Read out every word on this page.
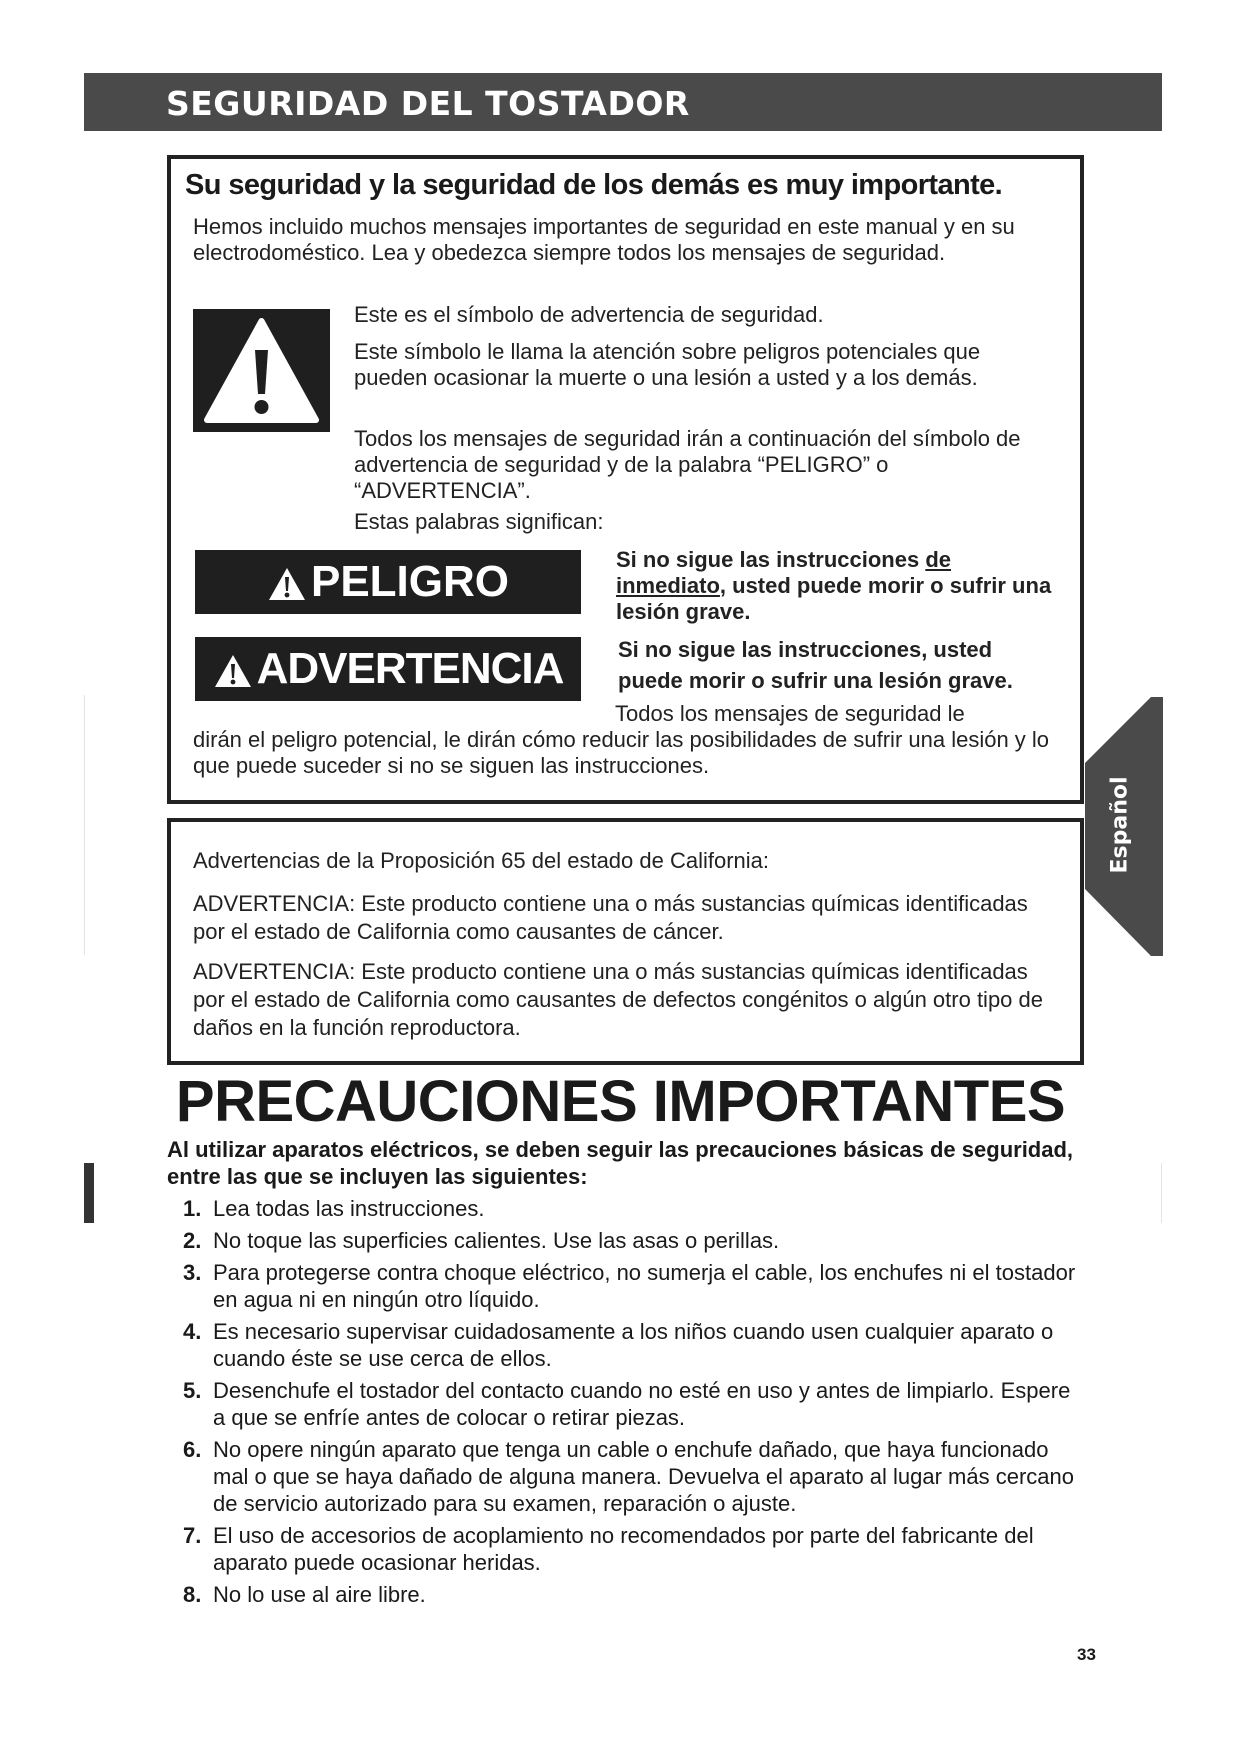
SEGURIDAD DEL TOSTADOR
Su seguridad y la seguridad de los demás es muy importante.

Hemos incluido muchos mensajes importantes de seguridad en este manual y en su electrodoméstico. Lea y obedezca siempre todos los mensajes de seguridad.

Este es el símbolo de advertencia de seguridad.

Este símbolo le llama la atención sobre peligros potenciales que pueden ocasionar la muerte o una lesión a usted y a los demás.

Todos los mensajes de seguridad irán a continuación del símbolo de advertencia de seguridad y de la palabra “PELIGRO” o “ADVERTENCIA”.

Estas palabras significan:

PELIGRO	Si no sigue las instrucciones de inmediato, usted puede morir o sufrir una lesión grave.

ADVERTENCIA	Si no sigue las instrucciones, usted puede morir o sufrir una lesión grave.

Todos los mensajes de seguridad le

dirán el peligro potencial, le dirán cómo reducir las posibilidades de sufrir una lesión y lo que puede suceder si no se siguen las instrucciones.

Advertencias de la Proposición 65 del estado de California:

ADVERTENCIA: Este producto contiene una o más sustancias químicas identificadas por el estado de California como causantes de cáncer.

ADVERTENCIA: Este producto contiene una o más sustancias químicas identificadas por el estado de California como causantes de defectos congénitos o algún otro tipo de daños en la función reproductora.

Español
PRECAUCIONES IMPORTANTES

Al utilizar aparatos eléctricos, se deben seguir las precauciones básicas de seguridad, entre las que se incluyen las siguientes:

1. Lea todas las instrucciones.
2. No toque las superficies calientes. Use las asas o perillas.
3. Para protegerse contra choque eléctrico, no sumerja el cable, los enchufes ni el tostador en agua ni en ningún otro líquido.
4. Es necesario supervisar cuidadosamente a los niños cuando usen cualquier aparato o cuando éste se use cerca de ellos.
5. Desenchufe el tostador del contacto cuando no esté en uso y antes de limpiarlo. Espere a que se enfríe antes de colocar o retirar piezas.
6. No opere ningún aparato que tenga un cable o enchufe dañado, que haya funcionado mal o que se haya dañado de alguna manera. Devuelva el aparato al lugar más cercano de servicio autorizado para su examen, reparación o ajuste.
7. El uso de accesorios de acoplamiento no recomendados por parte del fabricante del aparato puede ocasionar heridas.
8. No lo use al aire libre.

33
